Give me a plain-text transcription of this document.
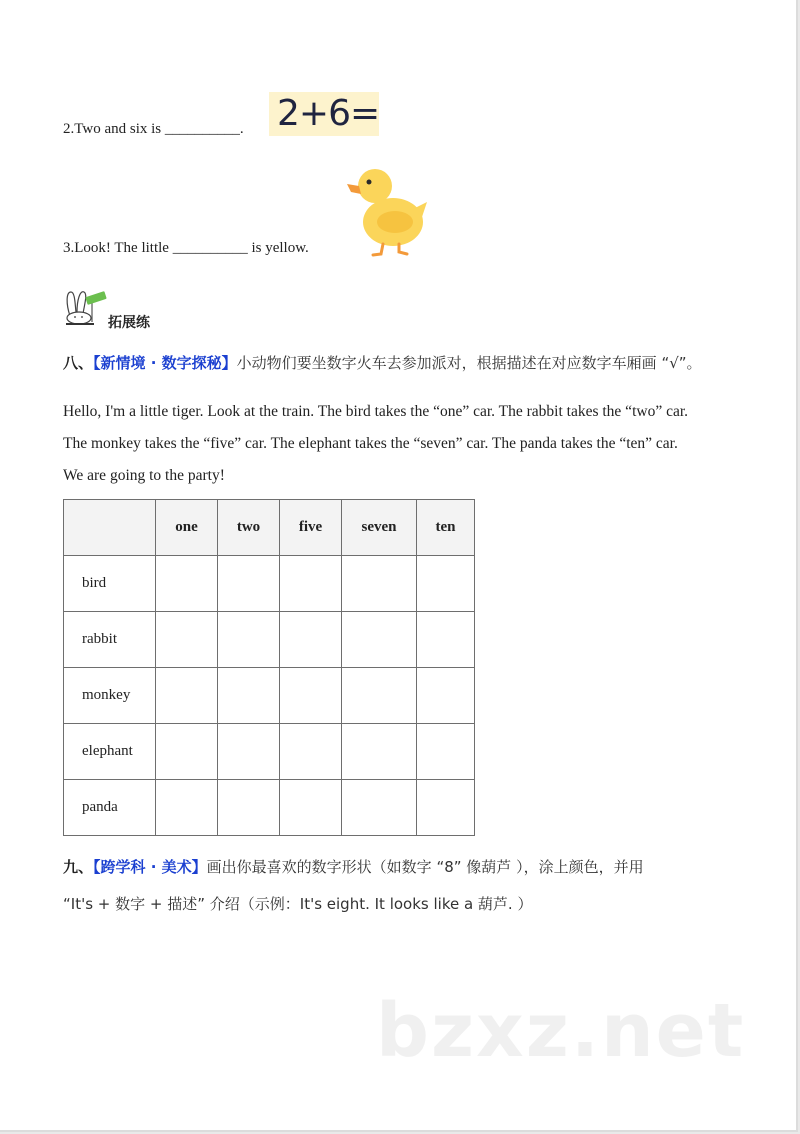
2.Two and six is __________. 2+6=
3.Look! The little __________ is yellow.
拓展练
八、【新情境 · 数字探秘】小动物们要坐数字火车去参加派对，根据描述在对应数字车厢画 “√”。
Hello, I'm a little tiger. Look at the train. The bird takes the “one” car. The rabbit takes the “two” car.
The monkey takes the “five” car. The elephant takes the “seven” car. The panda takes the “ten” car.
We are going to the party!
	one	two	five	seven	ten
bird					
rabbit					
monkey					
elephant					
panda					
九、【跨学科 · 美术】画出你最喜欢的数字形状（如数字 “8” 像葫芦 ），涂上颜色，并用
“It's + 数字 + 描述” 介绍（示例：It's eight. It looks like a 葫芦. ）
bzxz.net
